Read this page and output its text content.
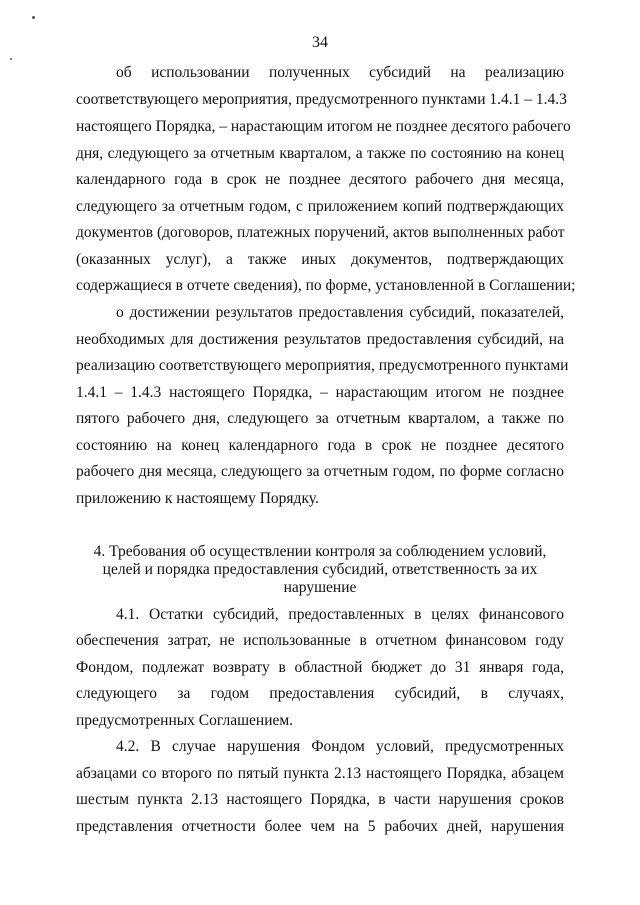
34
об использовании полученных субсидий на реализацию
соответствующего мероприятия, предусмотренного пунктами 1.4.1 – 1.4.3
настоящего Порядка, – нарастающим итогом не позднее десятого рабочего
дня, следующего за отчетным кварталом, а также по состоянию на конец
календарного года в срок не позднее десятого рабочего дня месяца,
следующего за отчетным годом, с приложением копий подтверждающих
документов (договоров, платежных поручений, актов выполненных работ
(оказанных услуг), а также иных документов, подтверждающих
содержащиеся в отчете сведения), по форме, установленной в Соглашении;
о достижении результатов предоставления субсидий, показателей,
необходимых для достижения результатов предоставления субсидий, на
реализацию соответствующего мероприятия, предусмотренного пунктами
1.4.1 – 1.4.3 настоящего Порядка, – нарастающим итогом не позднее
пятого рабочего дня, следующего за отчетным кварталом, а также по
состоянию на конец календарного года в срок не позднее десятого
рабочего дня месяца, следующего за отчетным годом, по форме согласно
приложению к настоящему Порядку.
4. Требования об осуществлении контроля за соблюдением условий,
целей и порядка предоставления субсидий, ответственность за их
нарушение
4.1. Остатки субсидий, предоставленных в целях финансового
обеспечения затрат, не использованные в отчетном финансовом году
Фондом, подлежат возврату в областной бюджет до 31 января года,
следующего за годом предоставления субсидий, в случаях,
предусмотренных Соглашением.
4.2. В случае нарушения Фондом условий, предусмотренных
абзацами со второго по пятый пункта 2.13 настоящего Порядка, абзацем
шестым пункта 2.13 настоящего Порядка, в части нарушения сроков
представления отчетности более чем на 5 рабочих дней, нарушения
